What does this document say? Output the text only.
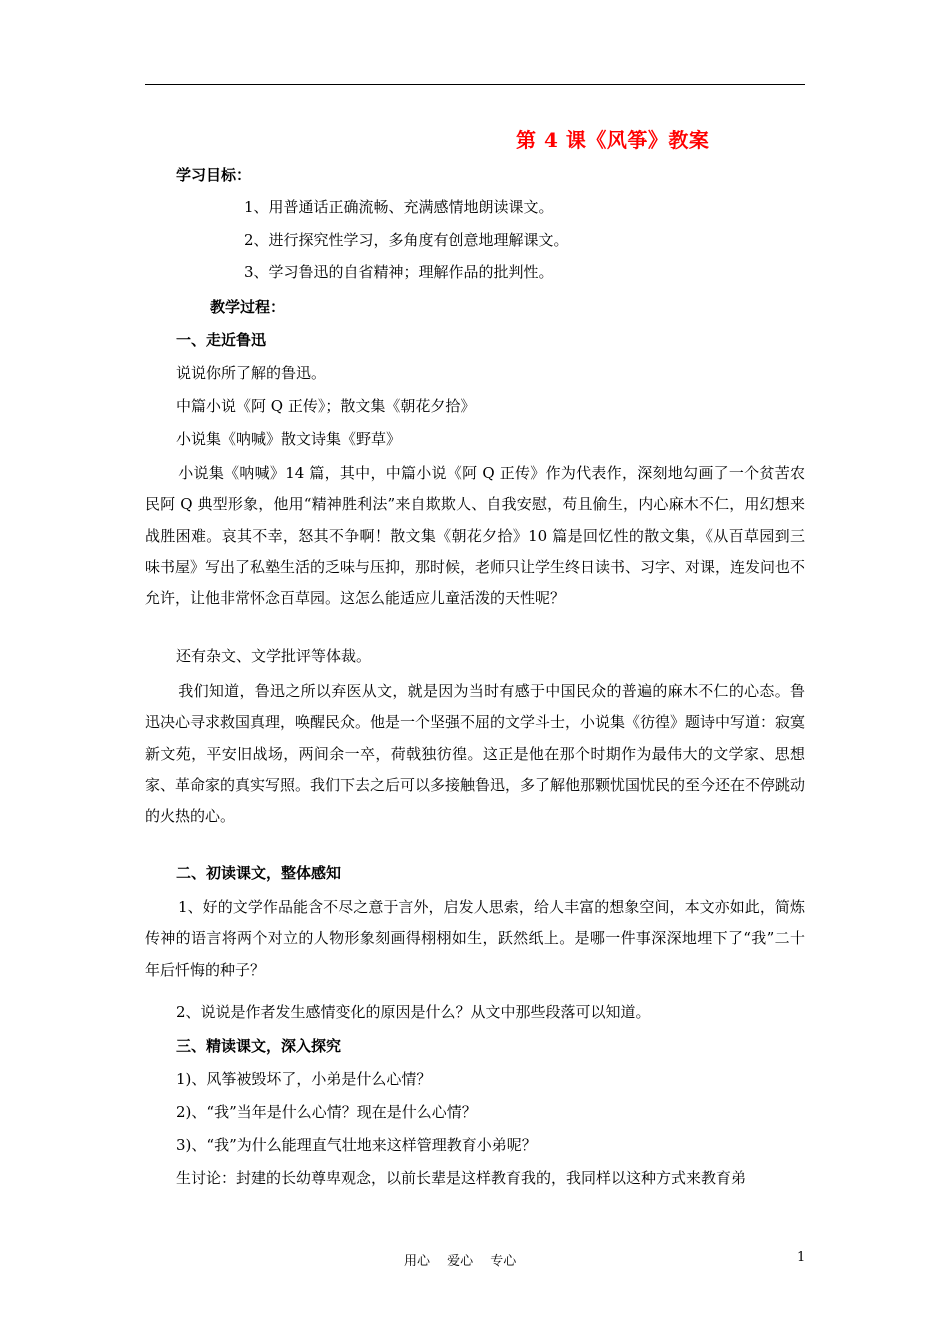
第 4 课《风筝》教案
学习目标：
1、用普通话正确流畅、充满感情地朗读课文。
2、进行探究性学习，多角度有创意地理解课文。
3、学习鲁迅的自省精神；理解作品的批判性。
教学过程：
一、走近鲁迅
说说你所了解的鲁迅。
中篇小说《阿 Q 正传》；散文集《朝花夕拾》
小说集《呐喊》散文诗集《野草》
小说集《呐喊》14 篇，其中，中篇小说《阿 Q 正传》作为代表作，深刻地勾画了一个贫苦农民阿 Q 典型形象，他用“精神胜利法”来自欺欺人、自我安慰，苟且偷生，内心麻木不仁，用幻想来战胜困难。哀其不幸，怒其不争啊！散文集《朝花夕拾》10 篇是回忆性的散文集，《从百草园到三味书屋》写出了私塾生活的乏味与压抑，那时候，老师只让学生终日读书、习字、对课，连发问也不允许，让他非常怀念百草园。这怎么能适应儿童活泼的天性呢？
还有杂文、文学批评等体裁。
我们知道，鲁迅之所以弃医从文，就是因为当时有感于中国民众的普遍的麻木不仁的心态。鲁迅决心寻求救国真理，唤醒民众。他是一个坚强不屈的文学斗士，小说集《彷徨》题诗中写道：寂寞新文苑，平安旧战场，两间余一卒，荷戟独彷徨。这正是他在那个时期作为最伟大的文学家、思想家、革命家的真实写照。我们下去之后可以多接触鲁迅，多了解他那颗忧国忧民的至今还在不停跳动的火热的心。
二、初读课文，整体感知
1、好的文学作品能含不尽之意于言外，启发人思索，给人丰富的想象空间，本文亦如此，简炼传神的语言将两个对立的人物形象刻画得栩栩如生，跃然纸上。是哪一件事深深地埋下了“我”二十年后忏悔的种子？
2、说说是作者发生感情变化的原因是什么？从文中那些段落可以知道。
三、精读课文，深入探究
1)、风筝被毁坏了，小弟是什么心情？
2)、“我”当年是什么心情？现在是什么心情？
3)、“我”为什么能理直气壮地来这样管理教育小弟呢？
生讨论：封建的长幼尊卑观念，以前长辈是这样教育我的，我同样以这种方式来教育弟
用心　 爱心　 专心	1
